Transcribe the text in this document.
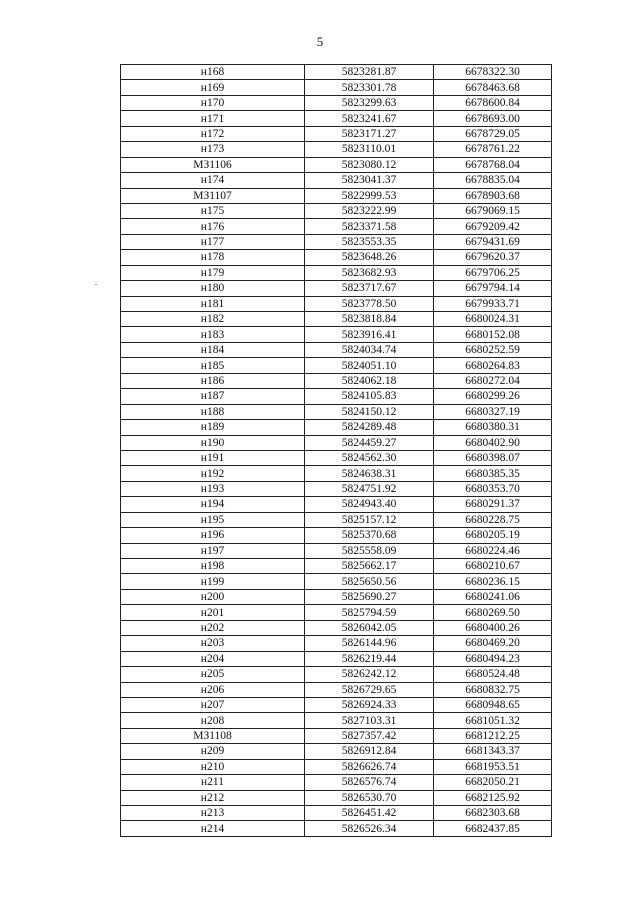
5
н168	5823281.87	6678322.30
н169	5823301.78	6678463.68
н170	5823299.63	6678600.84
н171	5823241.67	6678693.00
н172	5823171.27	6678729.05
н173	5823110.01	6678761.22
МЗ1106	5823080.12	6678768.04
н174	5823041.37	6678835.04
МЗ1107	5822999.53	6678903.68
н175	5823222.99	6679069.15
н176	5823371.58	6679209.42
н177	5823553.35	6679431.69
н178	5823648.26	6679620.37
н179	5823682.93	6679706.25
н180	5823717.67	6679794.14
н181	5823778.50	6679933.71
н182	5823818.84	6680024.31
н183	5823916.41	6680152.08
н184	5824034.74	6680252.59
н185	5824051.10	6680264.83
н186	5824062.18	6680272.04
н187	5824105.83	6680299.26
н188	5824150.12	6680327.19
н189	5824289.48	6680380.31
н190	5824459.27	6680402.90
н191	5824562.30	6680398.07
н192	5824638.31	6680385.35
н193	5824751.92	6680353.70
н194	5824943.40	6680291.37
н195	5825157.12	6680228.75
н196	5825370.68	6680205.19
н197	5825558.09	6680224.46
н198	5825662.17	6680210.67
н199	5825650.56	6680236.15
н200	5825690.27	6680241.06
н201	5825794.59	6680269.50
н202	5826042.05	6680400.26
н203	5826144.96	6680469.20
н204	5826219.44	6680494.23
н205	5826242.12	6680524.48
н206	5826729.65	6680832.75
н207	5826924.33	6680948.65
н208	5827103.31	6681051.32
МЗ1108	5827357.42	6681212.25
н209	5826912.84	6681343.37
н210	5826626.74	6681953.51
н211	5826576.74	6682050.21
н212	5826530.70	6682125.92
н213	5826451.42	6682303.68
н214	5826526.34	6682437.85
